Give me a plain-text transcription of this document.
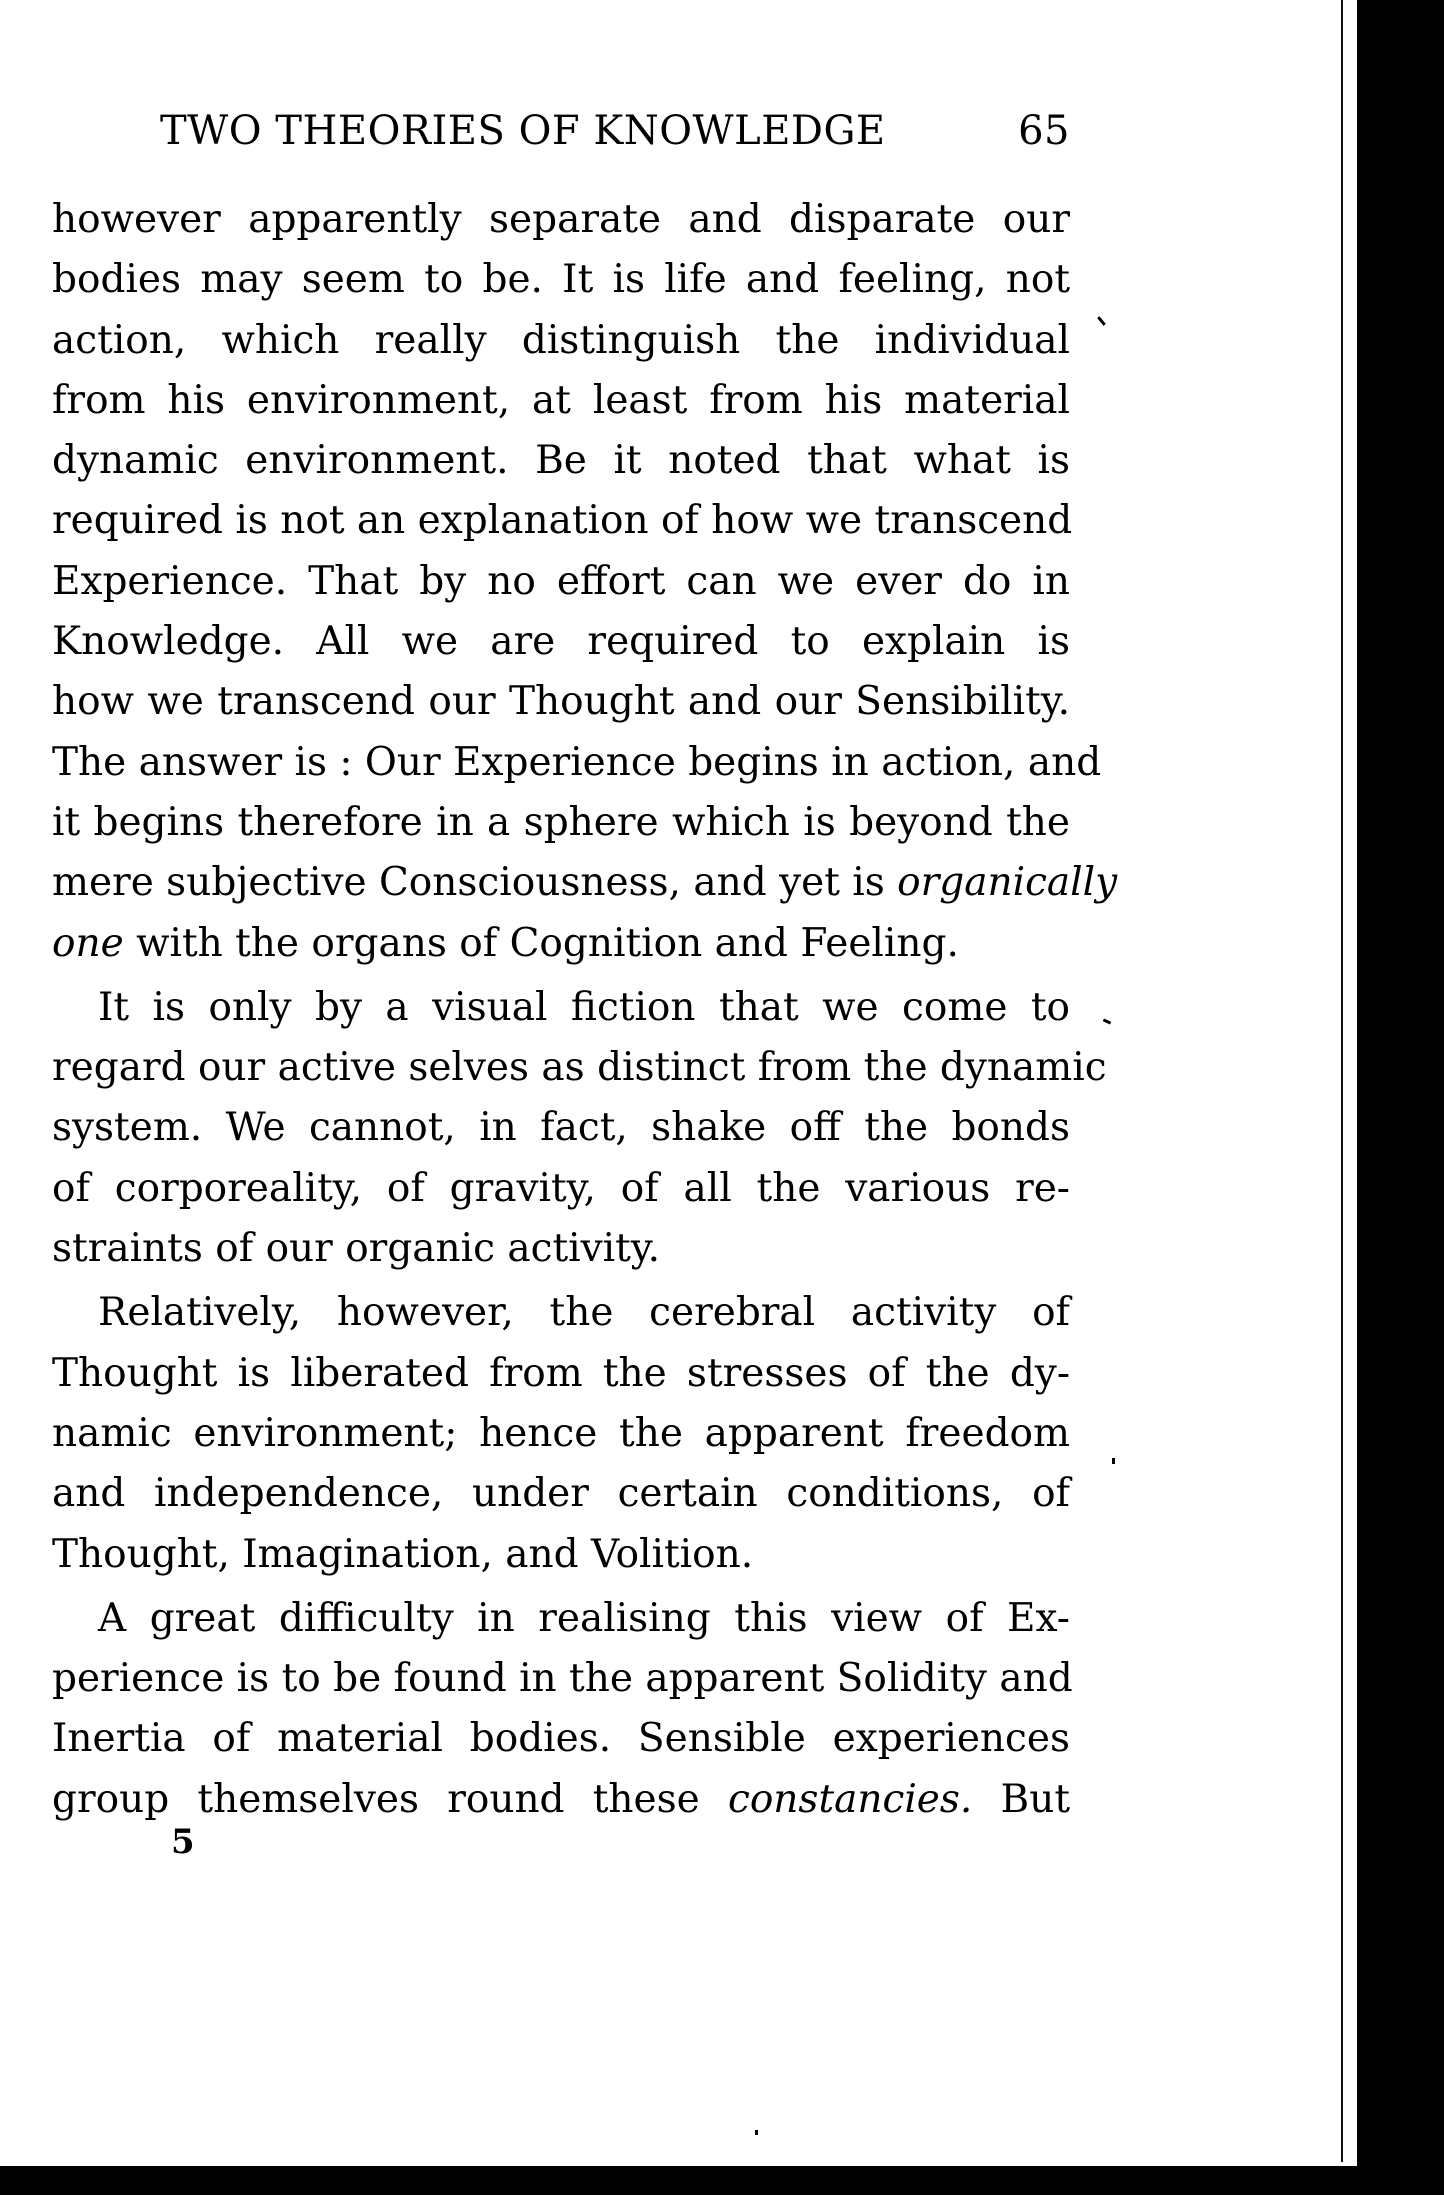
TWO THEORIES OF KNOWLEDGE	65
however apparently separate and disparate our
bodies may seem to be. It is life and feeling, not
action, which really distinguish the individual
from his environment, at least from his material
dynamic environment. Be it noted that what is
required is not an explanation of how we transcend
Experience. That by no effort can we ever do in
Knowledge. All we are required to explain is
how we transcend our Thought and our Sensibility.
The answer is : Our Experience begins in action, and
it begins therefore in a sphere which is beyond the
mere subjective Consciousness, and yet is organically
one with the organs of Cognition and Feeling.
It is only by a visual fiction that we come to
regard our active selves as distinct from the dynamic
system. We cannot, in fact, shake off the bonds
of corporeality, of gravity, of all the various re-
straints of our organic activity.
Relatively, however, the cerebral activity of
Thought is liberated from the stresses of the dy-
namic environment; hence the apparent freedom
and independence, under certain conditions, of
Thought, Imagination, and Volition.
A great difficulty in realising this view of Ex-
perience is to be found in the apparent Solidity and
Inertia of material bodies. Sensible experiences
group themselves round these constancies. But
5
